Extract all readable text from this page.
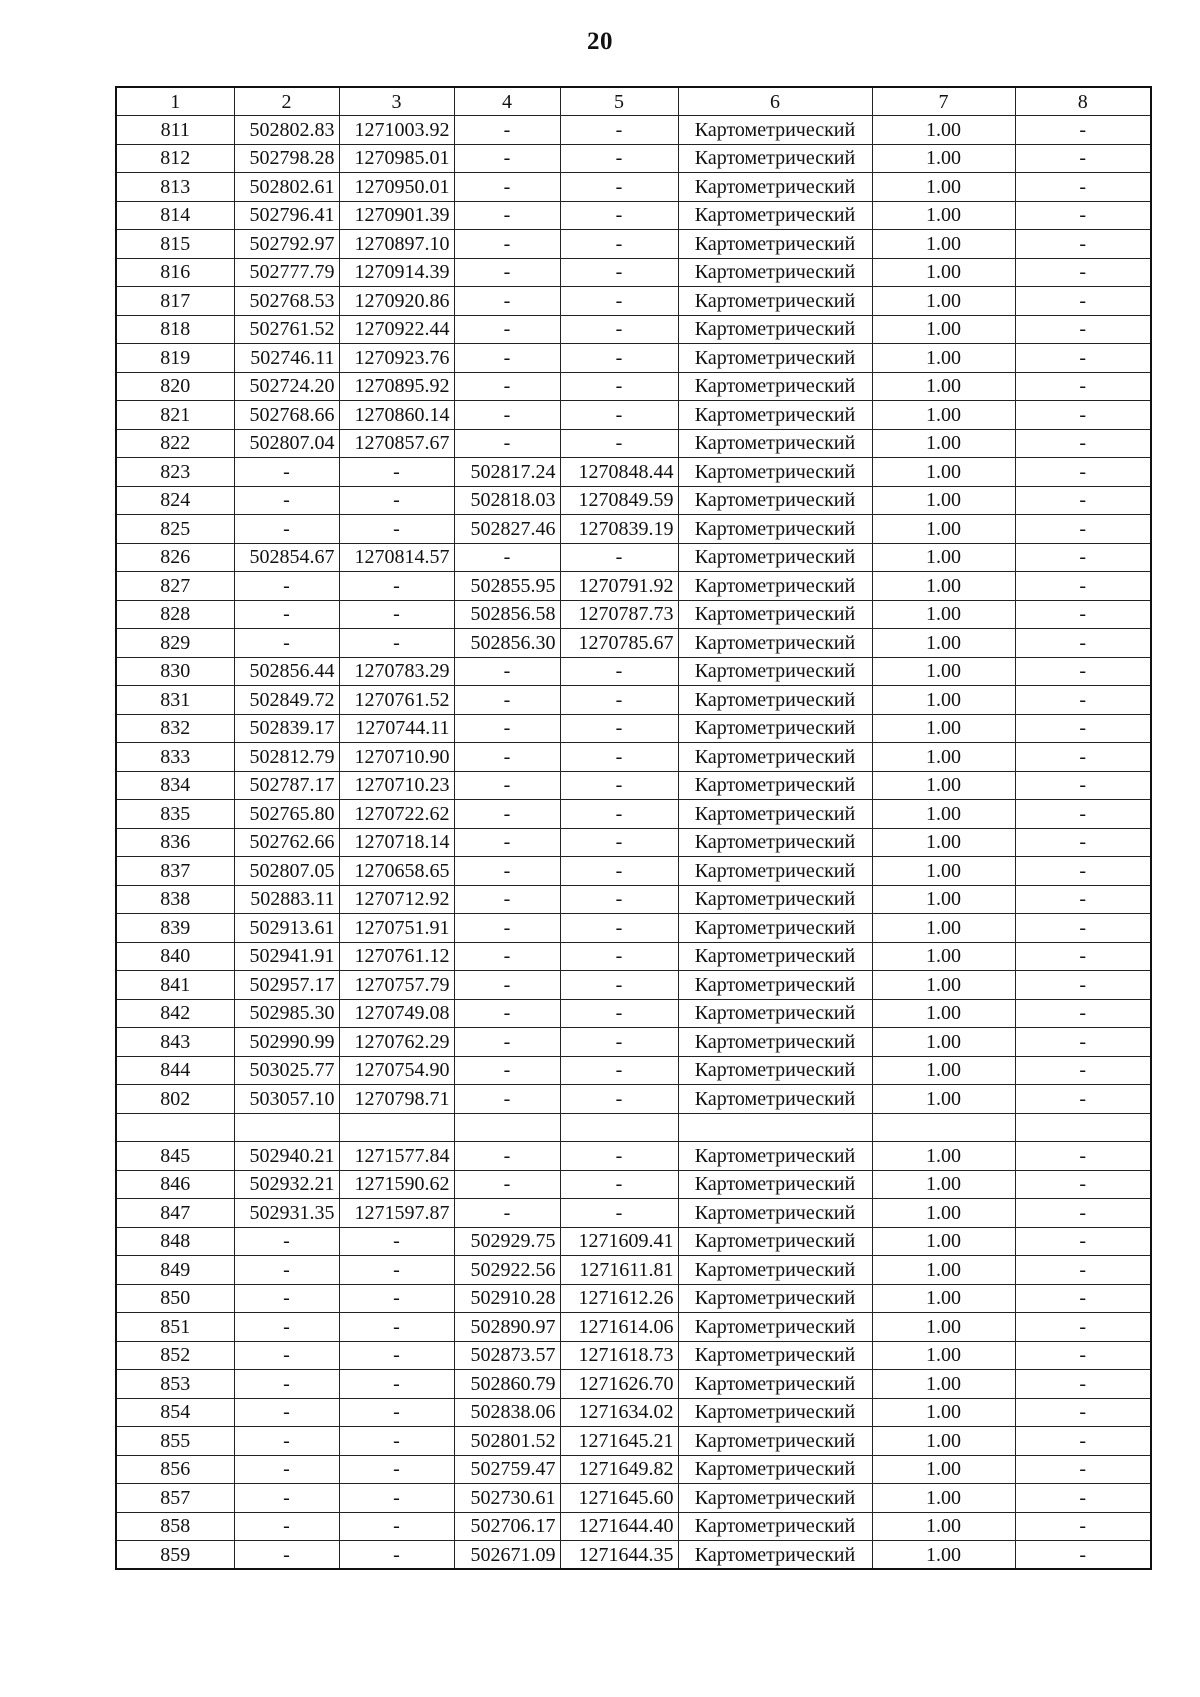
20
1	2	3	4	5	6	7	8
811	502802.83	1271003.92	-	-	Картометрический	1.00	-
812	502798.28	1270985.01	-	-	Картометрический	1.00	-
813	502802.61	1270950.01	-	-	Картометрический	1.00	-
814	502796.41	1270901.39	-	-	Картометрический	1.00	-
815	502792.97	1270897.10	-	-	Картометрический	1.00	-
816	502777.79	1270914.39	-	-	Картометрический	1.00	-
817	502768.53	1270920.86	-	-	Картометрический	1.00	-
818	502761.52	1270922.44	-	-	Картометрический	1.00	-
819	502746.11	1270923.76	-	-	Картометрический	1.00	-
820	502724.20	1270895.92	-	-	Картометрический	1.00	-
821	502768.66	1270860.14	-	-	Картометрический	1.00	-
822	502807.04	1270857.67	-	-	Картометрический	1.00	-
823	-	-	502817.24	1270848.44	Картометрический	1.00	-
824	-	-	502818.03	1270849.59	Картометрический	1.00	-
825	-	-	502827.46	1270839.19	Картометрический	1.00	-
826	502854.67	1270814.57	-	-	Картометрический	1.00	-
827	-	-	502855.95	1270791.92	Картометрический	1.00	-
828	-	-	502856.58	1270787.73	Картометрический	1.00	-
829	-	-	502856.30	1270785.67	Картометрический	1.00	-
830	502856.44	1270783.29	-	-	Картометрический	1.00	-
831	502849.72	1270761.52	-	-	Картометрический	1.00	-
832	502839.17	1270744.11	-	-	Картометрический	1.00	-
833	502812.79	1270710.90	-	-	Картометрический	1.00	-
834	502787.17	1270710.23	-	-	Картометрический	1.00	-
835	502765.80	1270722.62	-	-	Картометрический	1.00	-
836	502762.66	1270718.14	-	-	Картометрический	1.00	-
837	502807.05	1270658.65	-	-	Картометрический	1.00	-
838	502883.11	1270712.92	-	-	Картометрический	1.00	-
839	502913.61	1270751.91	-	-	Картометрический	1.00	-
840	502941.91	1270761.12	-	-	Картометрический	1.00	-
841	502957.17	1270757.79	-	-	Картометрический	1.00	-
842	502985.30	1270749.08	-	-	Картометрический	1.00	-
843	502990.99	1270762.29	-	-	Картометрический	1.00	-
844	503025.77	1270754.90	-	-	Картометрический	1.00	-
802	503057.10	1270798.71	-	-	Картометрический	1.00	-

845	502940.21	1271577.84	-	-	Картометрический	1.00	-
846	502932.21	1271590.62	-	-	Картометрический	1.00	-
847	502931.35	1271597.87	-	-	Картометрический	1.00	-
848	-	-	502929.75	1271609.41	Картометрический	1.00	-
849	-	-	502922.56	1271611.81	Картометрический	1.00	-
850	-	-	502910.28	1271612.26	Картометрический	1.00	-
851	-	-	502890.97	1271614.06	Картометрический	1.00	-
852	-	-	502873.57	1271618.73	Картометрический	1.00	-
853	-	-	502860.79	1271626.70	Картометрический	1.00	-
854	-	-	502838.06	1271634.02	Картометрический	1.00	-
855	-	-	502801.52	1271645.21	Картометрический	1.00	-
856	-	-	502759.47	1271649.82	Картометрический	1.00	-
857	-	-	502730.61	1271645.60	Картометрический	1.00	-
858	-	-	502706.17	1271644.40	Картометрический	1.00	-
859	-	-	502671.09	1271644.35	Картометрический	1.00	-
